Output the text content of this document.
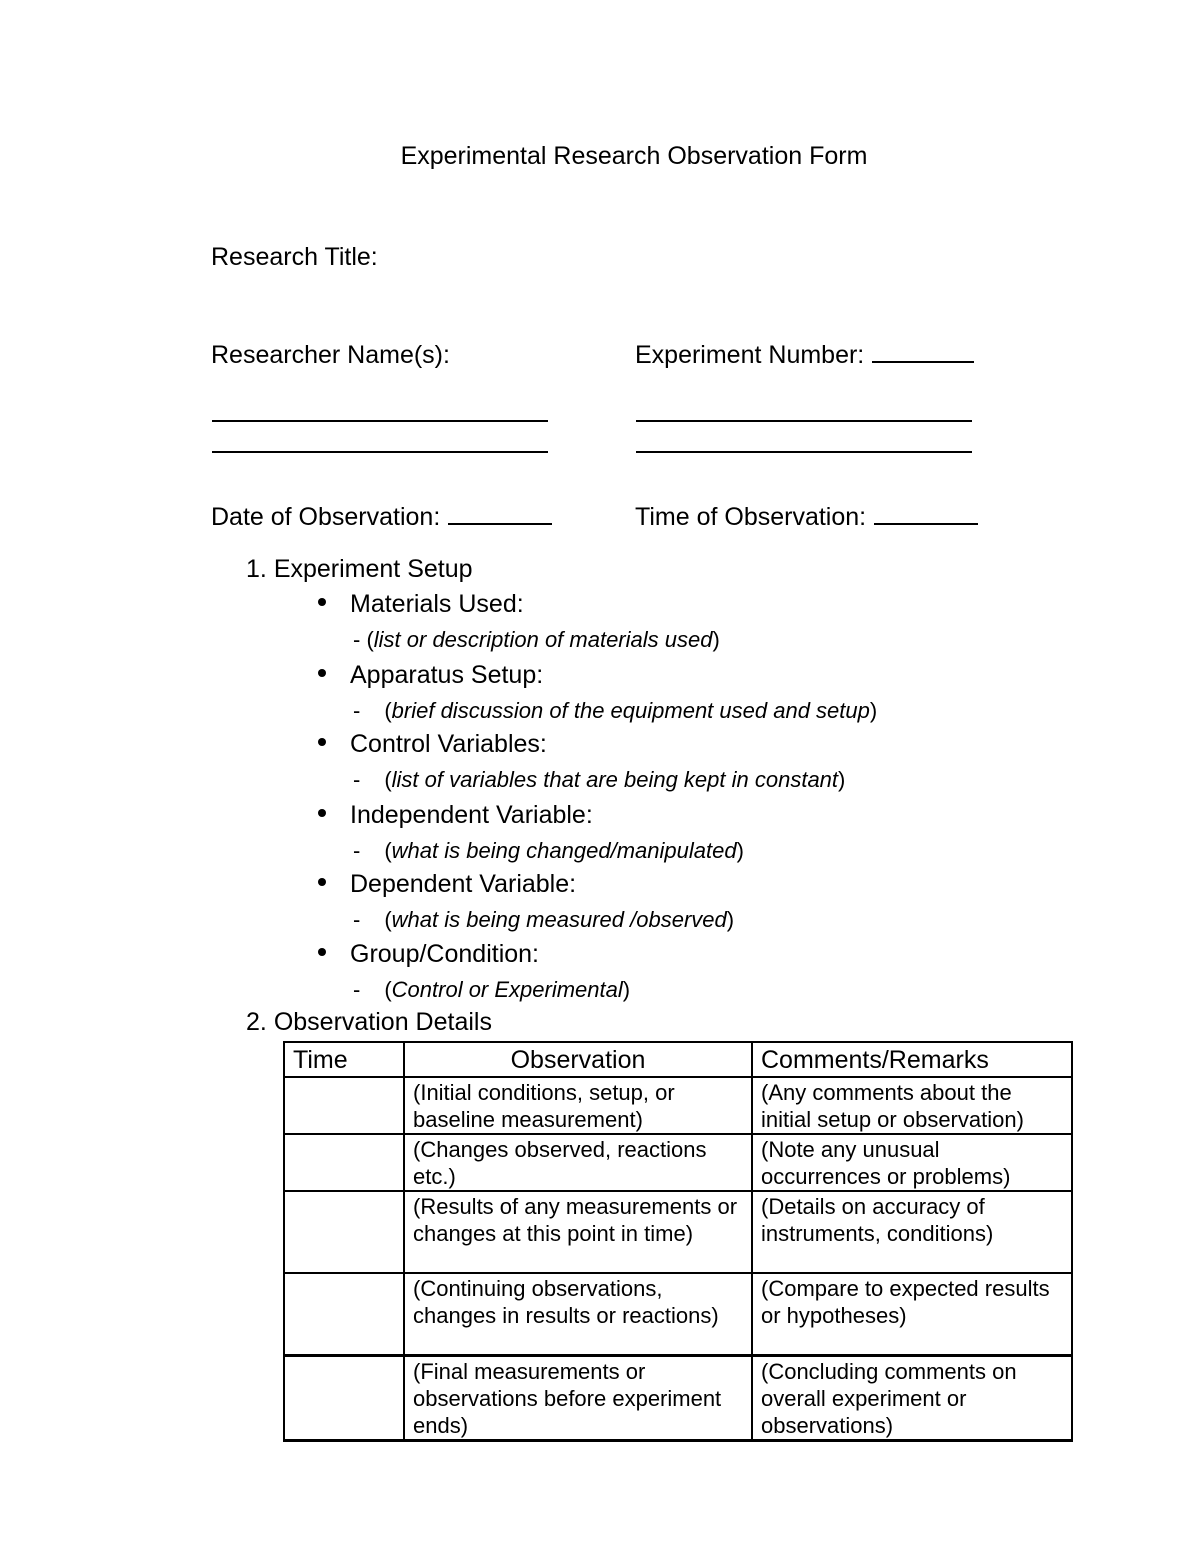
Experimental Research Observation Form
Research Title:
Researcher Name(s):	Experiment Number:
Date of Observation:	Time of Observation:
1. Experiment Setup
Materials Used:
- (list or description of materials used)
Apparatus Setup:
- (brief discussion of the equipment used and setup)
Control Variables:
- (list of variables that are being kept in constant)
Independent Variable:
- (what is being changed/manipulated)
Dependent Variable:
- (what is being measured /observed)
Group/Condition:
- (Control or Experimental)
2. Observation Details
Time	Observation	Comments/Remarks
	(Initial conditions, setup, or baseline measurement)	(Any comments about the initial setup or observation)
	(Changes observed, reactions etc.)	(Note any unusual occurrences or problems)
	(Results of any measurements or changes at this point in time)	(Details on accuracy of instruments, conditions)
	(Continuing observations, changes in results or reactions)	(Compare to expected results or hypotheses)
	(Final measurements or observations before experiment ends)	(Concluding comments on overall experiment or observations)
